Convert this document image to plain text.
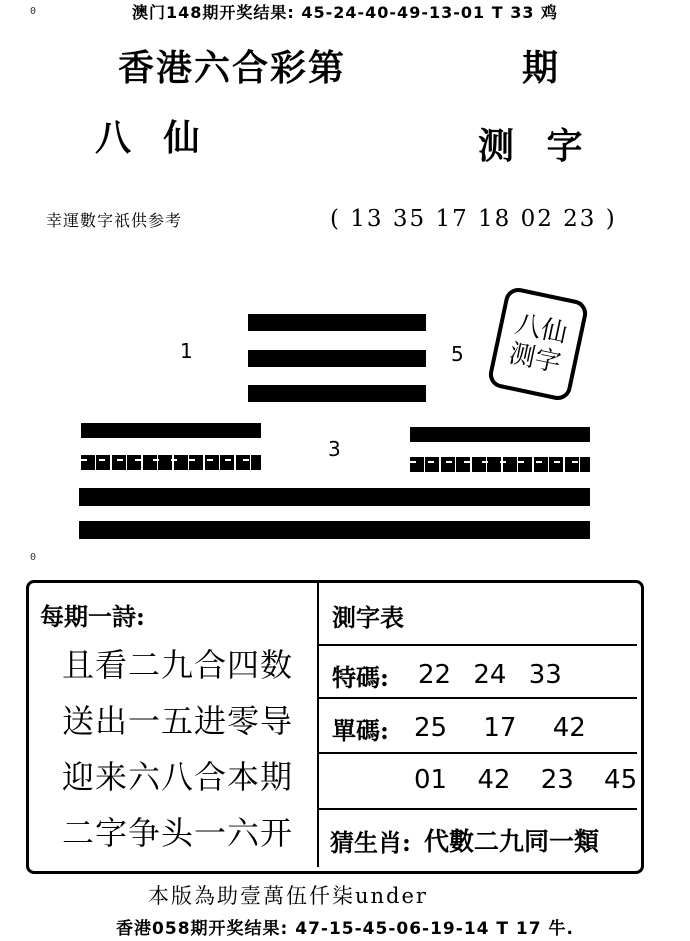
0
0
澳门148期开奖结果: 45-24-40-49-13-01 T 33 鸡
香港六合彩第	期
八 仙	测 字
幸運數字祇供参考	( 13 35 17 18 02 23 )
1	5
3
八仙
测字
每期一詩:
且看二九合四数
送出一五进零导
迎来六八合本期
二字争头一六开
測字表
特碼: 22 24 33
單碼: 25 17 42
01 42 23 45
猜生肖: 代數二九同一類
本版為助壹萬伍仟柒under
香港058期开奖结果: 47-15-45-06-19-14 T 17 牛.
